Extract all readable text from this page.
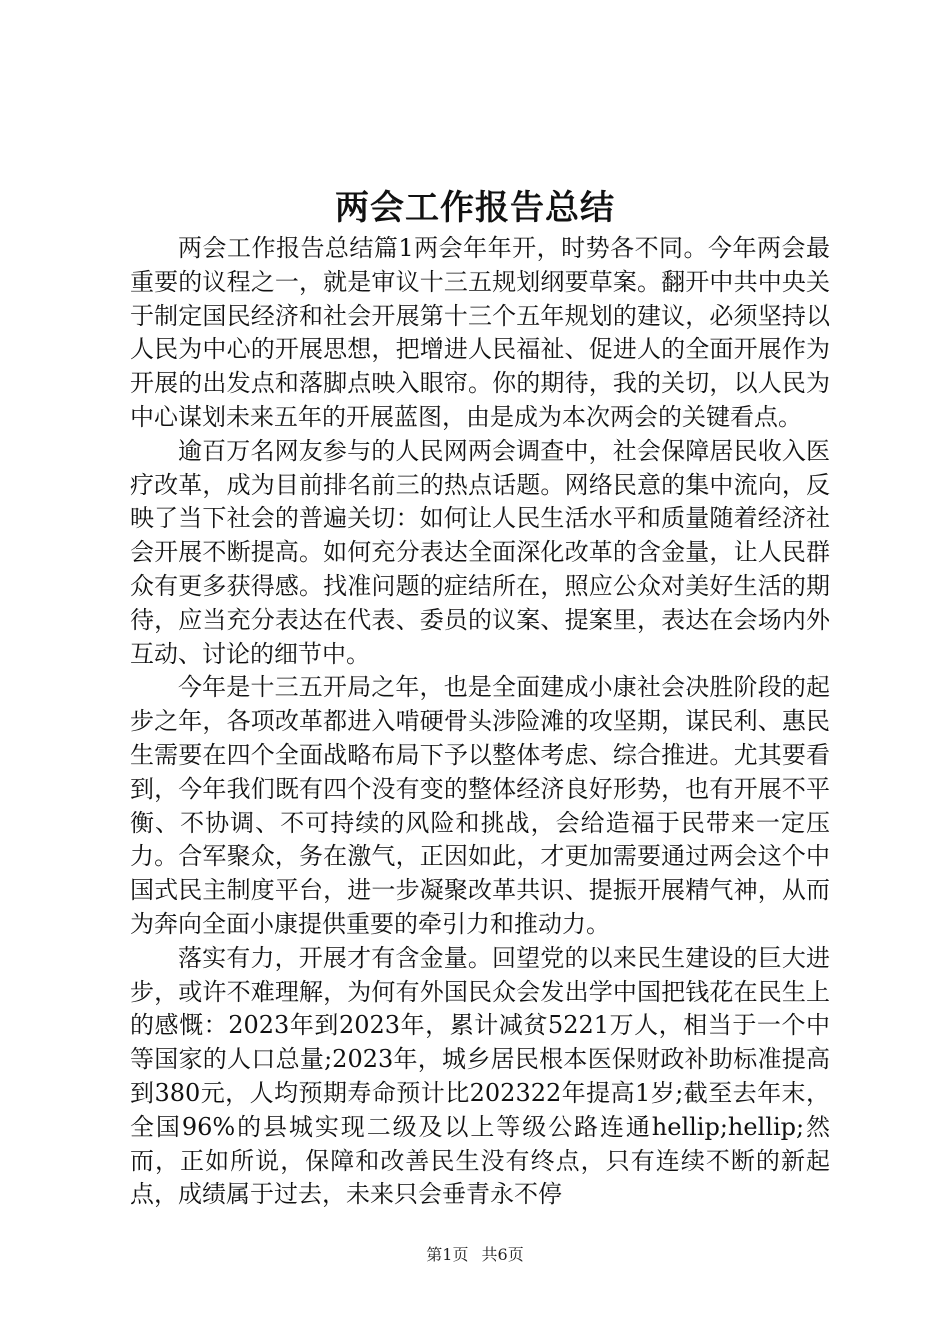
两会工作报告总结

两会工作报告总结篇1两会年年开，时势各不同。今年两会最重要的议程之一，就是审议十三五规划纲要草案。翻开中共中央关于制定国民经济和社会开展第十三个五年规划的建议，必须坚持以人民为中心的开展思想，把增进人民福祉、促进人的全面开展作为开展的出发点和落脚点映入眼帘。你的期待，我的关切，以人民为中心谋划未来五年的开展蓝图，由是成为本次两会的关键看点。

逾百万名网友参与的人民网两会调查中，社会保障居民收入医疗改革，成为目前排名前三的热点话题。网络民意的集中流向，反映了当下社会的普遍关切：如何让人民生活水平和质量随着经济社会开展不断提高。如何充分表达全面深化改革的含金量，让人民群众有更多获得感。找准问题的症结所在，照应公众对美好生活的期待，应当充分表达在代表、委员的议案、提案里，表达在会场内外互动、讨论的细节中。

今年是十三五开局之年，也是全面建成小康社会决胜阶段的起步之年，各项改革都进入啃硬骨头涉险滩的攻坚期，谋民利、惠民生需要在四个全面战略布局下予以整体考虑、综合推进。尤其要看到，今年我们既有四个没有变的整体经济良好形势，也有开展不平衡、不协调、不可持续的风险和挑战，会给造福于民带来一定压力。合军聚众，务在激气，正因如此，才更加需要通过两会这个中国式民主制度平台，进一步凝聚改革共识、提振开展精气神，从而为奔向全面小康提供重要的牵引力和推动力。

落实有力，开展才有含金量。回望党的以来民生建设的巨大进步，或许不难理解，为何有外国民众会发出学中国把钱花在民生上的感慨：2023年到2023年，累计减贫5221万人，相当于一个中等国家的人口总量;2023年，城乡居民根本医保财政补助标准提高到380元，人均预期寿命预计比202322年提高1岁;截至去年末，全国96%的县城实现二级及以上等级公路连通hellip;hellip;然而，正如所说，保障和改善民生没有终点，只有连续不断的新起点，成绩属于过去，未来只会垂青永不停

第1页 共6页
